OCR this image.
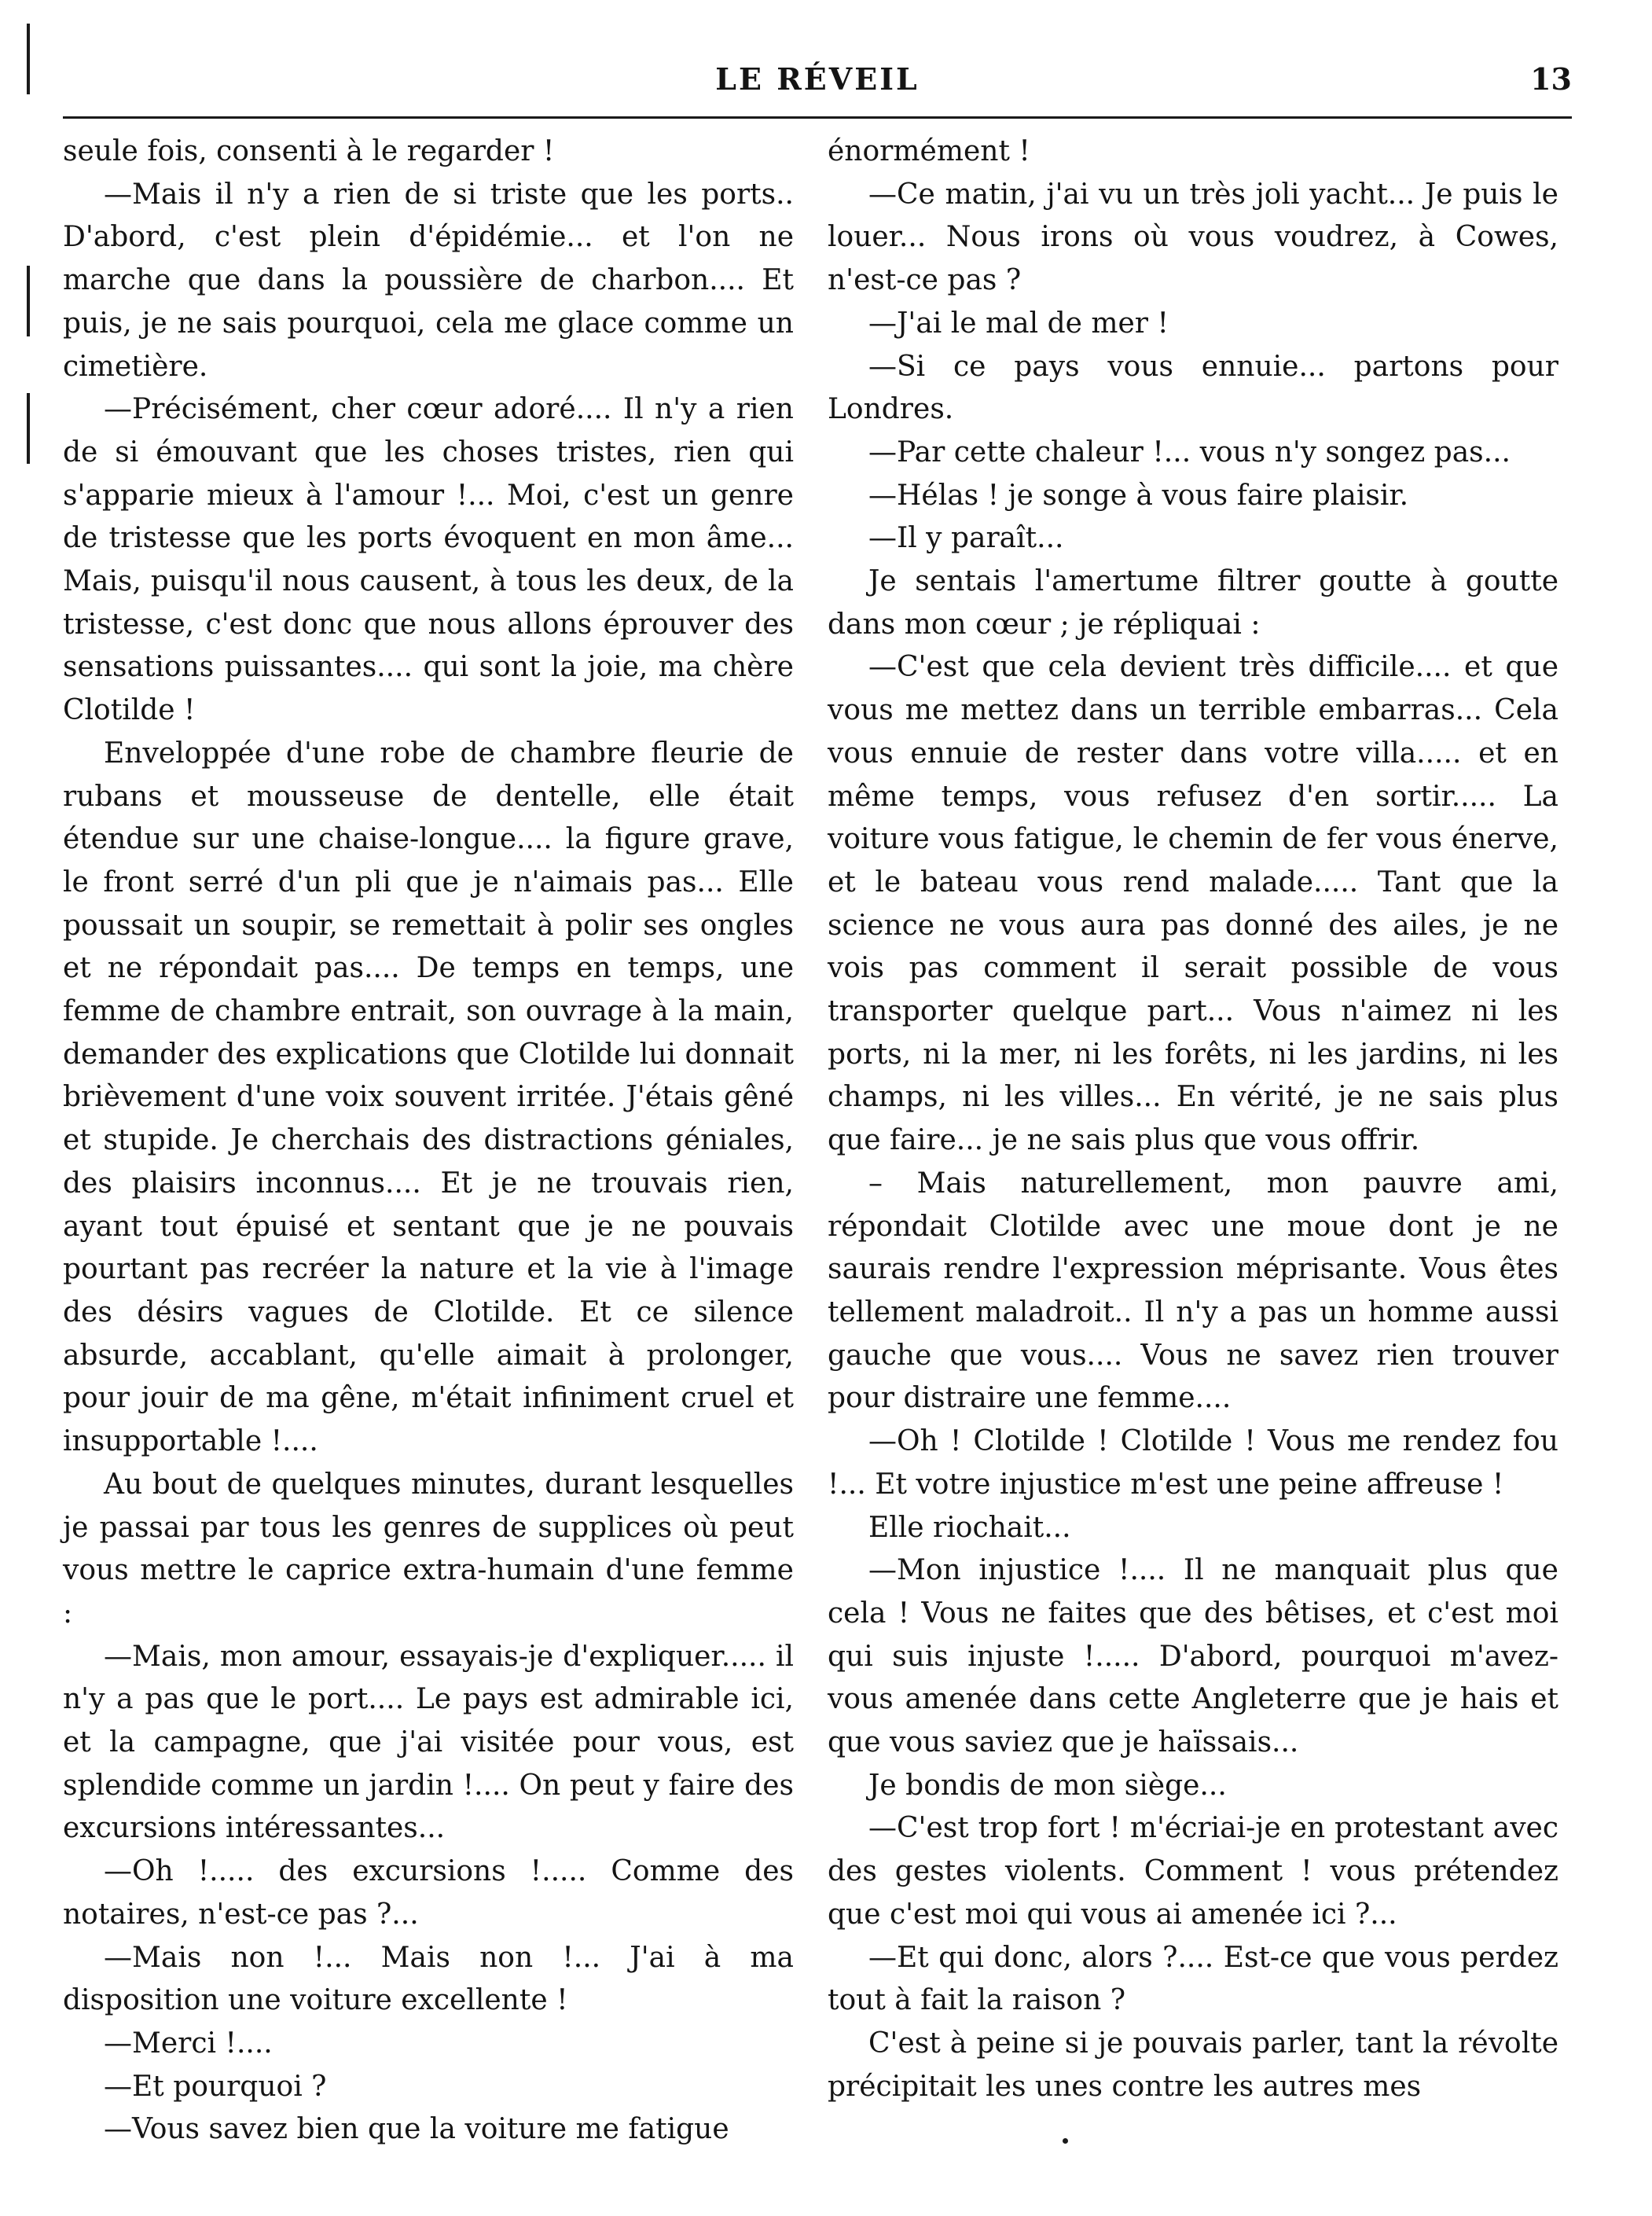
LE RÉVEIL	13

seule fois, consenti à le regarder !

—Mais il n'y a rien de si triste que les ports.. D'abord, c'est plein d'épidémie... et l'on ne marche que dans la poussière de charbon.... Et puis, je ne sais pourquoi, cela me glace comme un cimetière.

—Précisément, cher cœur adoré.... Il n'y a rien de si émouvant que les choses tristes, rien qui s'apparie mieux à l'amour !... Moi, c'est un genre de tristesse que les ports évoquent en mon âme... Mais, puisqu'il nous causent, à tous les deux, de la tristesse, c'est donc que nous allons éprouver des sensations puissantes.... qui sont la joie, ma chère Clotilde !

Enveloppée d'une robe de chambre fleurie de rubans et mousseuse de dentelle, elle était étendue sur une chaise-longue.... la figure grave, le front serré d'un pli que je n'aimais pas... Elle poussait un soupir, se remettait à polir ses ongles et ne répondait pas.... De temps en temps, une femme de chambre entrait, son ouvrage à la main, demander des explications que Clotilde lui donnait brièvement d'une voix souvent irritée. J'étais gêné et stupide. Je cherchais des distractions géniales, des plaisirs inconnus.... Et je ne trouvais rien, ayant tout épuisé et sentant que je ne pouvais pourtant pas recréer la nature et la vie à l'image des désirs vagues de Clotilde. Et ce silence absurde, accablant, qu'elle aimait à prolonger, pour jouir de ma gêne, m'était infiniment cruel et insupportable !....

Au bout de quelques minutes, durant lesquelles je passai par tous les genres de supplices où peut vous mettre le caprice extra-humain d'une femme :

—Mais, mon amour, essayais-je d'expliquer..... il n'y a pas que le port.... Le pays est admirable ici, et la campagne, que j'ai visitée pour vous, est splendide comme un jardin !.... On peut y faire des excursions intéressantes...

—Oh !..... des excursions !..... Comme des notaires, n'est-ce pas ?...

—Mais non !... Mais non !... J'ai à ma disposition une voiture excellente !

—Merci !....

—Et pourquoi ?

—Vous savez bien que la voiture me fatigue

énormément !

—Ce matin, j'ai vu un très joli yacht... Je puis le louer... Nous irons où vous voudrez, à Cowes, n'est-ce pas ?

—J'ai le mal de mer !

—Si ce pays vous ennuie... partons pour Londres.

—Par cette chaleur !... vous n'y songez pas...

—Hélas ! je songe à vous faire plaisir.

—Il y paraît...

Je sentais l'amertume filtrer goutte à goutte dans mon cœur ; je répliquai :

—C'est que cela devient très difficile.... et que vous me mettez dans un terrible embarras... Cela vous ennuie de rester dans votre villa..... et en même temps, vous refusez d'en sortir..... La voiture vous fatigue, le chemin de fer vous énerve, et le bateau vous rend malade..... Tant que la science ne vous aura pas donné des ailes, je ne vois pas comment il serait possible de vous transporter quelque part... Vous n'aimez ni les ports, ni la mer, ni les forêts, ni les jardins, ni les champs, ni les villes... En vérité, je ne sais plus que faire... je ne sais plus que vous offrir.

– Mais naturellement, mon pauvre ami, répondait Clotilde avec une moue dont je ne saurais rendre l'expression méprisante. Vous êtes tellement maladroit.. Il n'y a pas un homme aussi gauche que vous.... Vous ne savez rien trouver pour distraire une femme....

—Oh ! Clotilde ! Clotilde ! Vous me rendez fou !... Et votre injustice m'est une peine affreuse !

Elle riochait...

—Mon injustice !.... Il ne manquait plus que cela ! Vous ne faites que des bêtises, et c'est moi qui suis injuste !..... D'abord, pourquoi m'avez-vous amenée dans cette Angleterre que je hais et que vous saviez que je haïssais...

Je bondis de mon siège...

—C'est trop fort ! m'écriai-je en protestant avec des gestes violents. Comment ! vous prétendez que c'est moi qui vous ai amenée ici ?...

—Et qui donc, alors ?.... Est-ce que vous perdez tout à fait la raison ?

C'est à peine si je pouvais parler, tant la révolte précipitait les unes contre les autres mes
